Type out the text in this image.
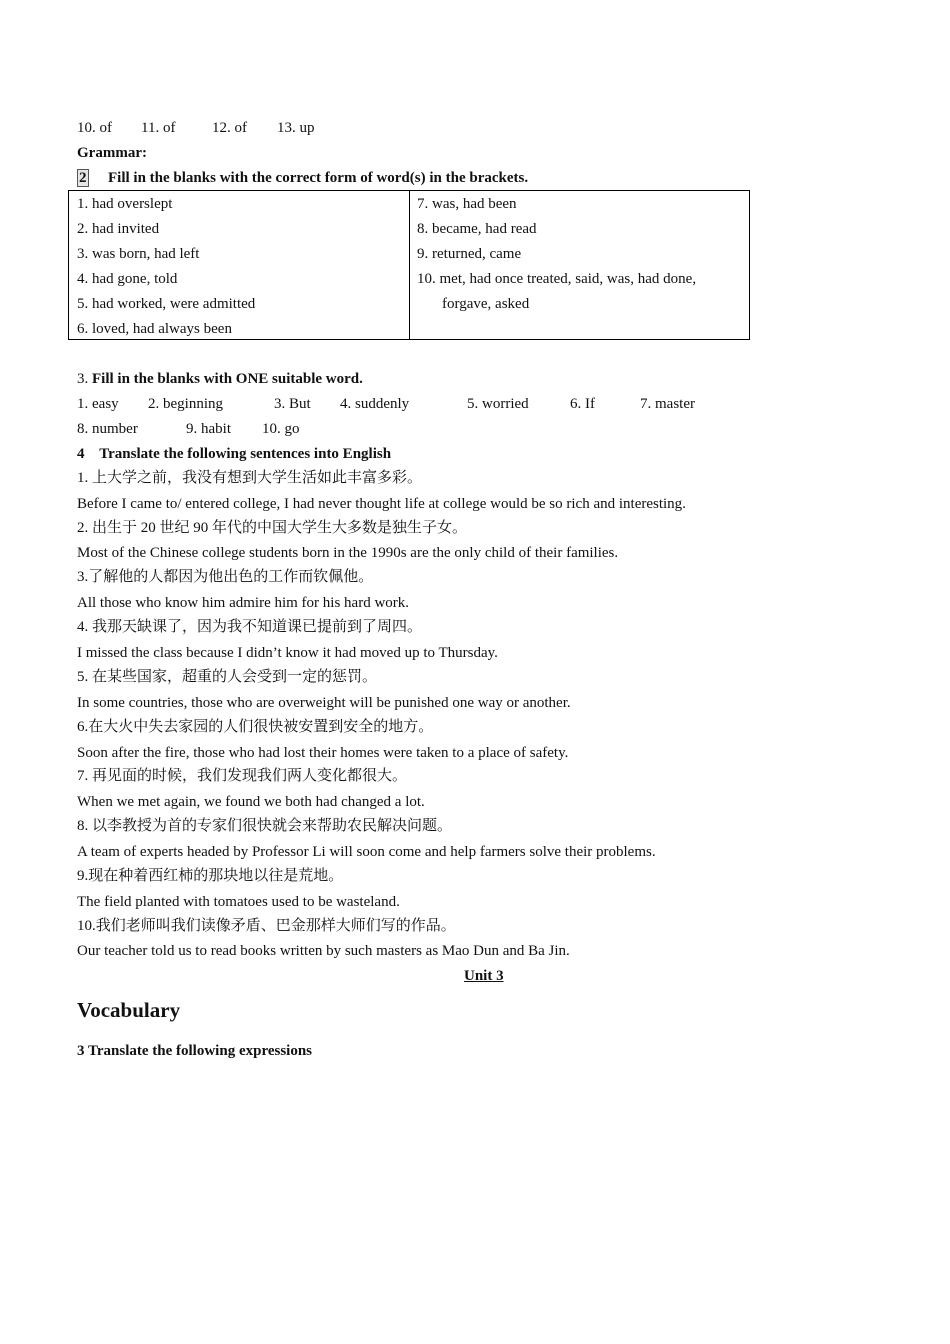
10. of 11. of 12. of 13. up
Grammar:
2 Fill in the blanks with the correct form of word(s) in the brackets.
1. had overslept
2. had invited
3. was born, had left
4. had gone, told
5. had worked, were admitted
6. loved, had always been
7. was, had been
8. became, had read
9. returned, came
10. met, had once treated, said, was, had done,
forgave, asked
3. Fill in the blanks with ONE suitable word.
1. easy 2. beginning	3. But 4. suddenly	5. worried	6. If	7. master
8. number	9. habit 10. go
4    Translate the following sentences into English
1. 上大学之前，我没有想到大学生活如此丰富多彩。
Before I came to/ entered college, I had never thought life at college would be so rich and interesting.
2. 出生于 20 世纪 90 年代的中国大学生大多数是独生子女。
Most of the Chinese college students born in the 1990s are the only child of their families.
3.了解他的人都因为他出色的工作而钦佩他。
All those who know him admire him for his hard work.
4. 我那天缺课了，因为我不知道课已提前到了周四。
I missed the class because I didn’t know it had moved up to Thursday.
5. 在某些国家，超重的人会受到一定的惩罚。
In some countries, those who are overweight will be punished one way or another.
6.在大火中失去家园的人们很快被安置到安全的地方。
Soon after the fire, those who had lost their homes were taken to a place of safety.
7. 再见面的时候，我们发现我们两人变化都很大。
When we met again, we found we both had changed a lot.
8. 以李教授为首的专家们很快就会来帮助农民解决问题。
A team of experts headed by Professor Li will soon come and help farmers solve their problems.
9.现在种着西红柿的那块地以往是荒地。
The field planted with tomatoes used to be wasteland.
10.我们老师叫我们读像矛盾、巴金那样大师们写的作品。
Our teacher told us to read books written by such masters as Mao Dun and Ba Jin.
Unit 3
Vocabulary
3 Translate the following expressions
